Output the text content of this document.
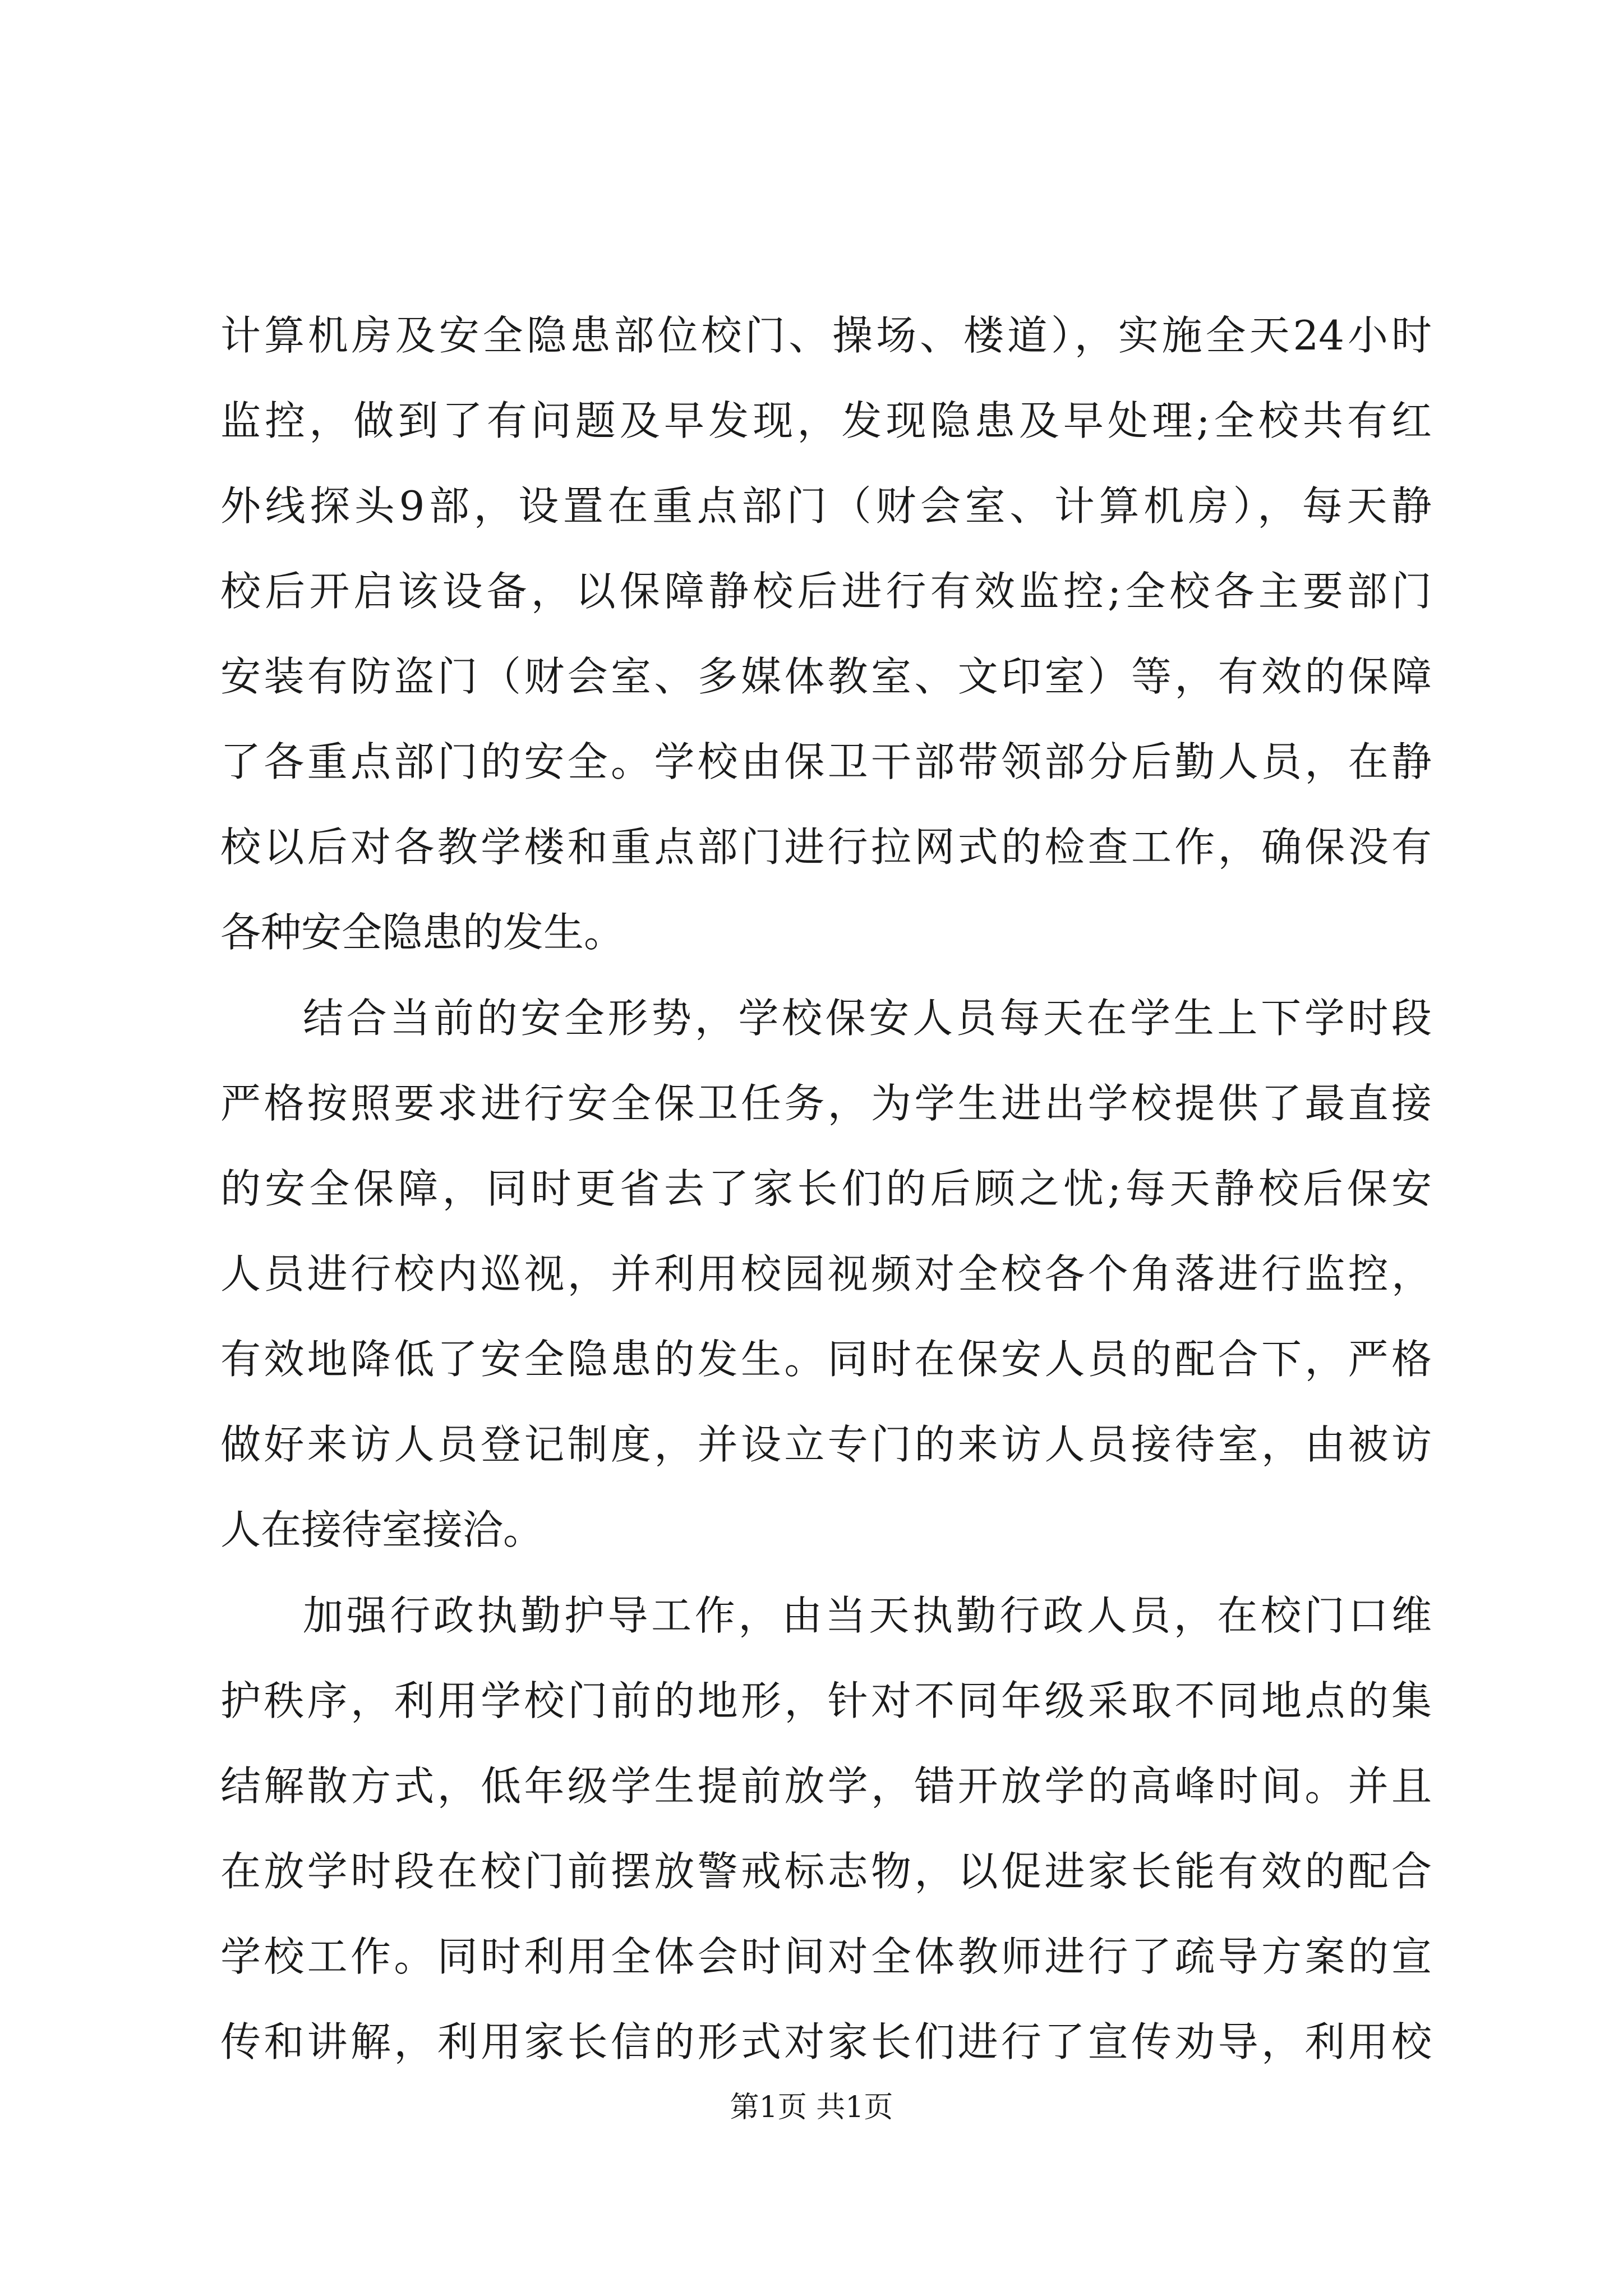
计算机房及安全隐患部位校门、操场、楼道），实施全天24小时
监控，做到了有问题及早发现，发现隐患及早处理;全校共有红
外线探头9部，设置在重点部门（财会室、计算机房），每天静
校后开启该设备，以保障静校后进行有效监控;全校各主要部门
安装有防盗门（财会室、多媒体教室、文印室）等，有效的保障
了各重点部门的安全。学校由保卫干部带领部分后勤人员，在静
校以后对各教学楼和重点部门进行拉网式的检查工作，确保没有
各种安全隐患的发生。
结合当前的安全形势，学校保安人员每天在学生上下学时段
严格按照要求进行安全保卫任务，为学生进出学校提供了最直接
的安全保障，同时更省去了家长们的后顾之忧;每天静校后保安
人员进行校内巡视，并利用校园视频对全校各个角落进行监控，
有效地降低了安全隐患的发生。同时在保安人员的配合下，严格
做好来访人员登记制度，并设立专门的来访人员接待室，由被访
人在接待室接洽。
加强行政执勤护导工作，由当天执勤行政人员，在校门口维
护秩序，利用学校门前的地形，针对不同年级采取不同地点的集
结解散方式，低年级学生提前放学，错开放学的高峰时间。并且
在放学时段在校门前摆放警戒标志物，以促进家长能有效的配合
学校工作。同时利用全体会时间对全体教师进行了疏导方案的宣
传和讲解，利用家长信的形式对家长们进行了宣传劝导，利用校
第1页 共1页
